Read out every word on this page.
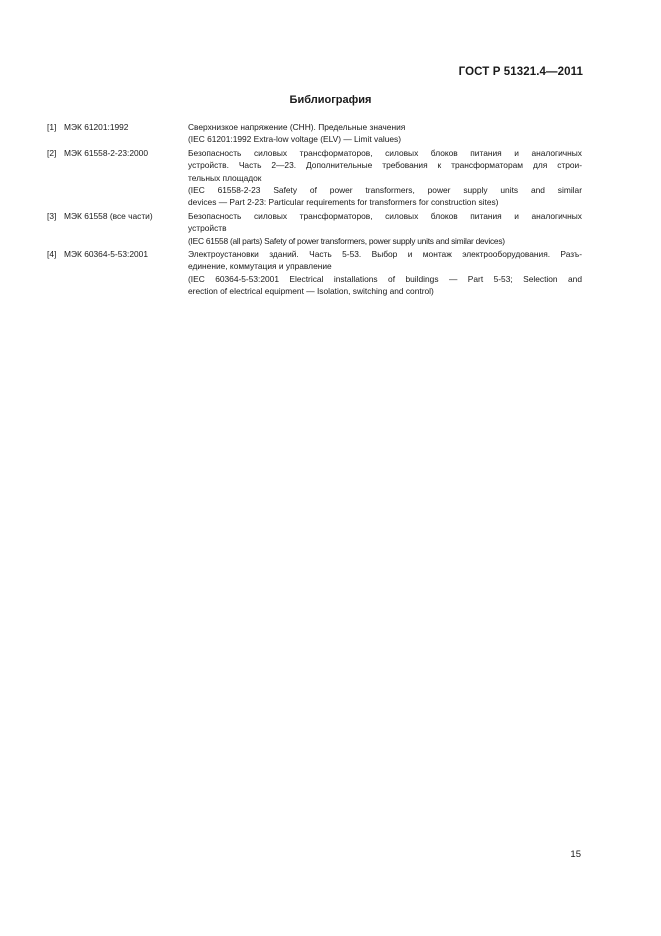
ГОСТ Р 51321.4—2011
Библиография
[1] МЭК 61201:1992	Сверхнизкое напряжение (СНН). Предельные значения
(IEC 61201:1992 Extra-low voltage (ELV) — Limit values)
[2] МЭК 61558-2-23:2000	Безопасность силовых трансформаторов, силовых блоков питания и аналогичных
устройств. Часть 2—23. Дополнительные требования к трансформаторам для строи-
тельных площадок
(IEC 61558-2-23 Safety of power transformers, power supply units and similar
devices — Part 2-23: Particular requirements for transformers for construction sites)
[3] МЭК 61558 (все части)	Безопасность силовых трансформаторов, силовых блоков питания и аналогичных
устройств
(IEC 61558 (all parts) Safety of power transformers, power supply units and similar devices)
[4] МЭК 60364-5-53:2001	Электроустановки зданий. Часть 5-53. Выбор и монтаж электрооборудования. Разъ-
единение, коммутация и управление
(IEC 60364-5-53:2001 Electrical installations of buildings — Part 5-53; Selection and
erection of electrical equipment — Isolation, switching and control)
15
